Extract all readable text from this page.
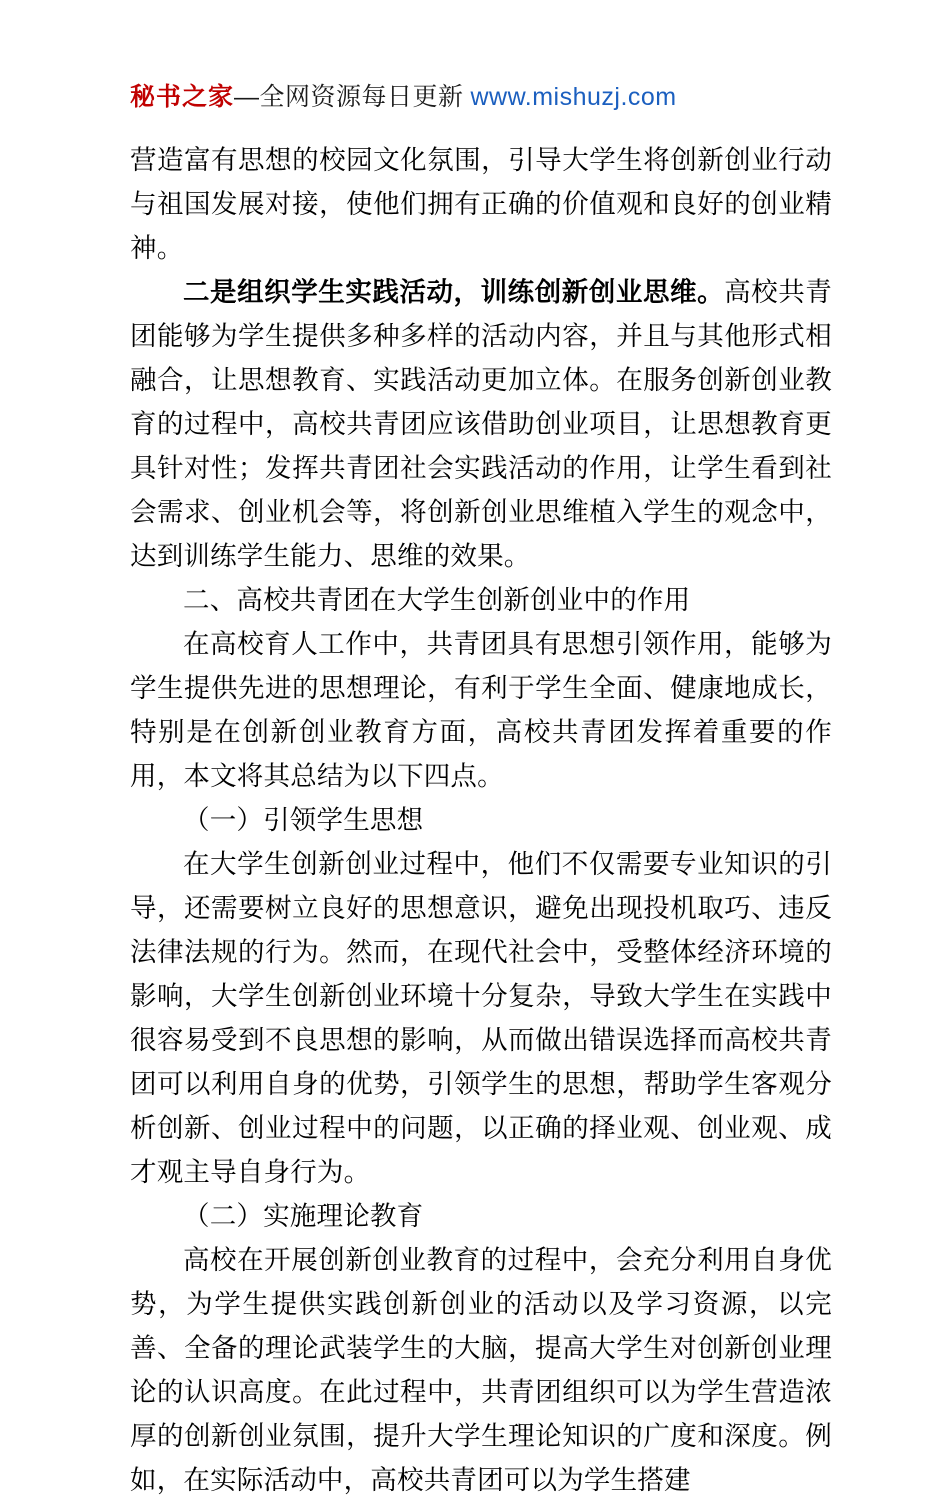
秘书之家—全网资源每日更新 www.mishuzj.com

营造富有思想的校园文化氛围，引导大学生将创新创业行动与祖国发展对接，使他们拥有正确的价值观和良好的创业精神。

二是组织学生实践活动，训练创新创业思维。高校共青团能够为学生提供多种多样的活动内容，并且与其他形式相融合，让思想教育、实践活动更加立体。在服务创新创业教育的过程中，高校共青团应该借助创业项目，让思想教育更具针对性；发挥共青团社会实践活动的作用，让学生看到社会需求、创业机会等，将创新创业思维植入学生的观念中，达到训练学生能力、思维的效果。

二、高校共青团在大学生创新创业中的作用

在高校育人工作中，共青团具有思想引领作用，能够为学生提供先进的思想理论，有利于学生全面、健康地成长，特别是在创新创业教育方面，高校共青团发挥着重要的作用，本文将其总结为以下四点。

（一）引领学生思想

在大学生创新创业过程中，他们不仅需要专业知识的引导，还需要树立良好的思想意识，避免出现投机取巧、违反法律法规的行为。然而，在现代社会中，受整体经济环境的影响，大学生创新创业环境十分复杂，导致大学生在实践中很容易受到不良思想的影响，从而做出错误选择而高校共青团可以利用自身的优势，引领学生的思想，帮助学生客观分析创新、创业过程中的问题，以正确的择业观、创业观、成才观主导自身行为。

（二）实施理论教育

高校在开展创新创业教育的过程中，会充分利用自身优势，为学生提供实践创新创业的活动以及学习资源，以完善、全备的理论武装学生的大脑，提高大学生对创新创业理论的认识高度。在此过程中，共青团组织可以为学生营造浓厚的创新创业氛围，提升大学生理论知识的广度和深度。例如，在实际活动中，高校共青团可以为学生搭建
